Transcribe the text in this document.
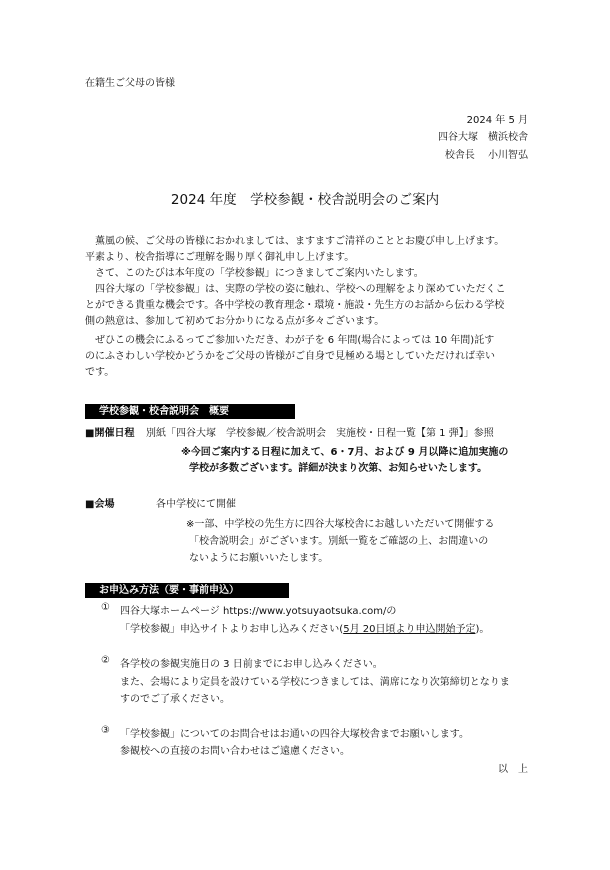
在籍生ご父母の皆様
2024 年 5 月
四谷大塚　横浜校舎
校舎長　 小川智弘
2024 年度　学校参観・校舎説明会のご案内
　薫風の候、ご父母の皆様におかれましては、ますますご清祥のこととお慶び申し上げます。
平素より、校舎指導にご理解を賜り厚く御礼申し上げます。
　さて、このたびは本年度の「学校参観」につきましてご案内いたします。
　四谷大塚の「学校参観」は、実際の学校の姿に触れ、学校への理解をより深めていただくこ
とができる貴重な機会です。各中学校の教育理念・環境・施設・先生方のお話から伝わる学校
側の熱意は、参加して初めてお分かりになる点が多々ございます。
　ぜひこの機会にふるってご参加いただき、わが子を 6 年間(場合によっては 10 年間)託す
のにふさわしい学校かどうかをご父母の皆様がご自身で見極める場としていただければ幸い
です。
学校参観・校舎説明会　概要
■開催日程 別紙「四谷大塚　学校参観／校舎説明会　実施校・日程一覧【第 1 弾】」参照
※今回ご案内する日程に加えて、6・7月、および 9 月以降に追加実施の
学校が多数ございます。詳細が決まり次第、お知らせいたします。
■会場	各中学校にて開催
※一部、中学校の先生方に四谷大塚校舎にお越しいただいて開催する
「校舎説明会」がございます。別紙一覧をご確認の上、お間違いの
ないようにお願いいたします。
お申込み方法（要・事前申込）
① 四谷大塚ホームページ https://www.yotsuyaotsuka.com/の
「学校参観」申込サイトよりお申し込みください(5月 20日頃より申込開始予定)。
② 各学校の参観実施日の 3 日前までにお申し込みください。
また、会場により定員を設けている学校につきましては、満席になり次第締切となりま
すのでご了承ください。
③ 「学校参観」についてのお問合せはお通いの四谷大塚校舎までお願いします。
参観校への直接のお問い合わせはご遠慮ください。
以　上
